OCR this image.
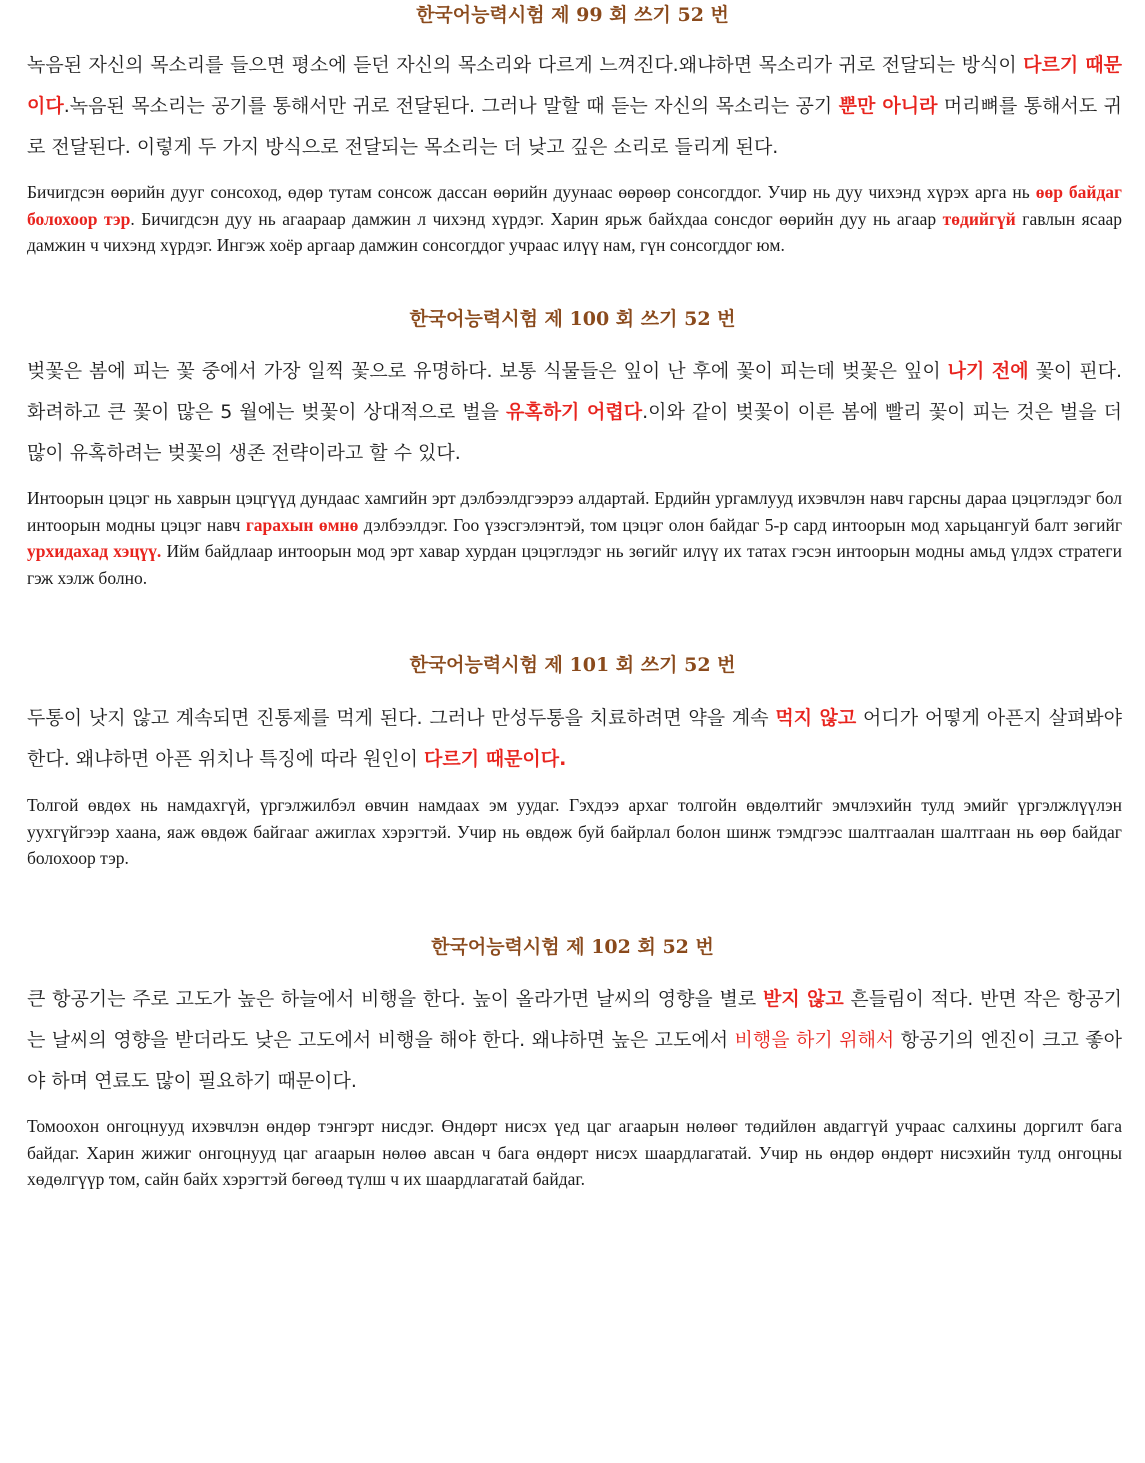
한국어능력시험 제 99 회 쓰기 52 번

녹음된 자신의 목소리를 들으면 평소에 듣던 자신의 목소리와 다르게 느껴진다.왜냐하면 목소리가 귀로 전달되는 방식이 다르기 때문이다.녹음된 목소리는 공기를 통해서만 귀로 전달된다. 그러나 말할 때 듣는 자신의 목소리는 공기 뿐만 아니라 머리뼈를 통해서도 귀로 전달된다. 이렇게 두 가지 방식으로 전달되는 목소리는 더 낮고 깊은 소리로 들리게 된다.

Бичигдсэн өөрийн дууг сонсоход, өдөр тутам сонсож дассан өөрийн дуунаас өөрөөр сонсогддог. Учир нь дуу чихэнд хүрэх арга нь өөр байдаг болохоор тэр. Бичигдсэн дуу нь агаараар дамжин л чихэнд хүрдэг. Харин ярьж байхдаа сонсдог өөрийн дуу нь агаар төдийгүй гавлын ясаар дамжин ч чихэнд хүрдэг. Ингэж хоёр аргаар дамжин сонсогддог учраас илүү нам, гүн сонсогддог юм.

한국어능력시험 제 100 회 쓰기 52 번

벚꽃은 봄에 피는 꽃 중에서 가장 일찍 꽃으로 유명하다. 보통 식물들은 잎이 난 후에 꽃이 피는데 벚꽃은 잎이 나기 전에 꽃이 핀다. 화려하고 큰 꽃이 많은 5 월에는 벚꽃이 상대적으로 벌을 유혹하기 어렵다.이와 같이 벚꽃이 이른 봄에 빨리 꽃이 피는 것은 벌을 더 많이 유혹하려는 벚꽃의 생존 전략이라고 할 수 있다.

Интоорын цэцэг нь хаврын цэцгүүд дундаас хамгийн эрт дэлбээлдгээрээ алдартай. Ердийн ургамлууд ихэвчлэн навч гарсны дараа цэцэглэдэг бол интоорын модны цэцэг навч гарахын өмнө дэлбээлдэг. Гоо үзэсгэлэнтэй, том цэцэг олон байдаг 5-р сард интоорын мод харьцангуй балт зөгийг урхидахад хэцүү. Ийм байдлаар интоорын мод эрт хавар хурдан цэцэглэдэг нь зөгийг илүү их татах гэсэн интоорын модны амьд үлдэх стратеги гэж хэлж болно.

한국어능력시험 제 101 회 쓰기 52 번

두통이 낫지 않고 계속되면 진통제를 먹게 된다. 그러나 만성두통을 치료하려면 약을 계속 먹지 않고 어디가 어떻게 아픈지 살펴봐야 한다. 왜냐하면 아픈 위치나 특징에 따라 원인이 다르기 때문이다.

Толгой өвдөх нь намдахгүй, үргэлжилбэл өвчин намдаах эм уудаг. Гэхдээ архаг толгойн өвдөлтийг эмчлэхийн тулд эмийг үргэлжлүүлэн уухгүйгээр хаана, яаж өвдөж байгааг ажиглах хэрэгтэй. Учир нь өвдөж буй байрлал болон шинж тэмдгээс шалтгаалан шалтгаан нь өөр байдаг болохоор тэр.

한국어능력시험 제 102 회 52 번

큰 항공기는 주로 고도가 높은 하늘에서 비행을 한다. 높이 올라가면 날씨의 영향을 별로 받지 않고 흔들림이 적다. 반면 작은 항공기는 날씨의 영향을 받더라도 낮은 고도에서 비행을 해야 한다. 왜냐하면 높은 고도에서 비행을 하기 위해서 항공기의 엔진이 크고 좋아야 하며 연료도 많이 필요하기 때문이다.

Томоохон онгоцнууд ихэвчлэн өндөр тэнгэрт нисдэг. Өндөрт нисэх үед цаг агаарын нөлөөг төдийлөн авдаггүй учраас салхины доргилт бага байдаг. Харин жижиг онгоцнууд цаг агаарын нөлөө авсан ч бага өндөрт нисэх шаардлагатай. Учир нь өндөр өндөрт нисэхийн тулд онгоцны хөдөлгүүр том, сайн байх хэрэгтэй бөгөөд түлш ч их шаардлагатай байдаг.
